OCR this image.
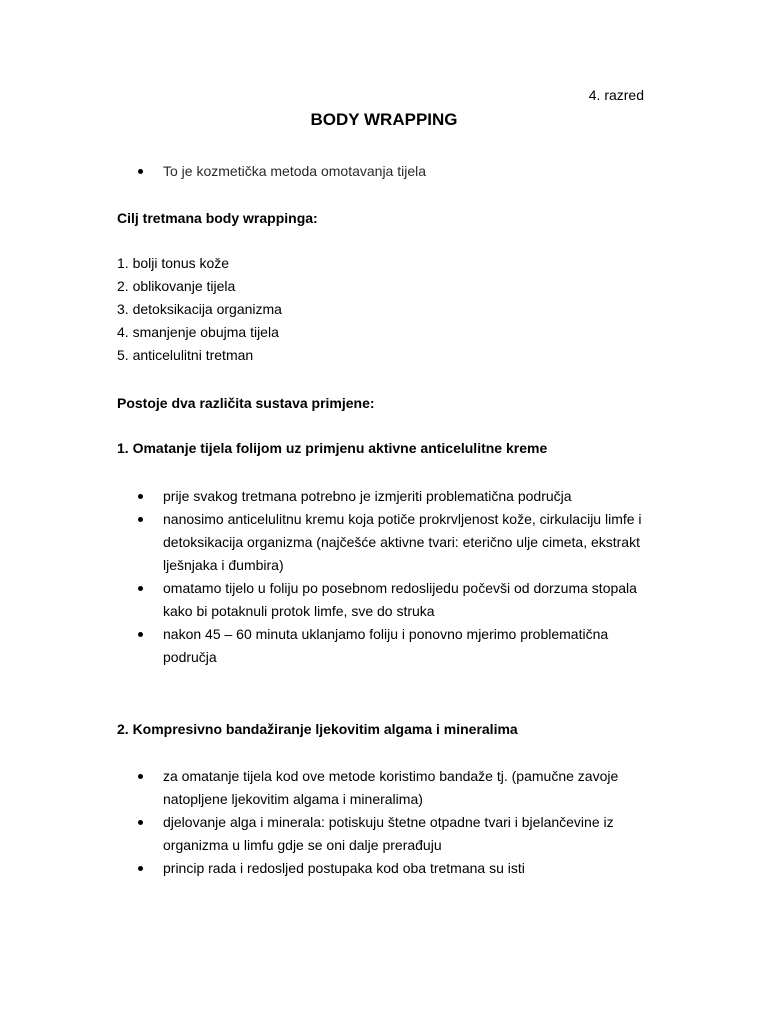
4. razred
BODY WRAPPING
To je kozmetička metoda omotavanja tijela
Cilj tretmana body wrappinga:
1. bolji tonus kože
2. oblikovanje tijela
3. detoksikacija organizma
4. smanjenje obujma tijela
5. anticelulitni tretman
Postoje dva različita sustava primjene:
1. Omatanje tijela folijom uz primjenu aktivne anticelulitne kreme
prije svakog tretmana potrebno je izmjeriti problematična područja
nanosimo anticelulitnu kremu koja potiče prokrvljenost kože, cirkulaciju limfe i detoksikacija organizma (najčešće aktivne tvari: eterično ulje cimeta, ekstrakt lješnjaka i đumbira)
omatamo tijelo u foliju po posebnom redoslijedu počevši od dorzuma stopala kako bi potaknuli protok limfe, sve do struka
nakon 45 – 60 minuta uklanjamo foliju i ponovno mjerimo problematična područja
2. Kompresivno bandažiranje ljekovitim algama i mineralima
za omatanje tijela kod ove metode koristimo bandaže tj. (pamučne zavoje natopljene ljekovitim algama i mineralima)
djelovanje alga i minerala: potiskuju štetne otpadne tvari i bjelančevine iz organizma u limfu gdje se oni dalje prerađuju
princip rada i redosljed postupaka kod oba tretmana su isti
